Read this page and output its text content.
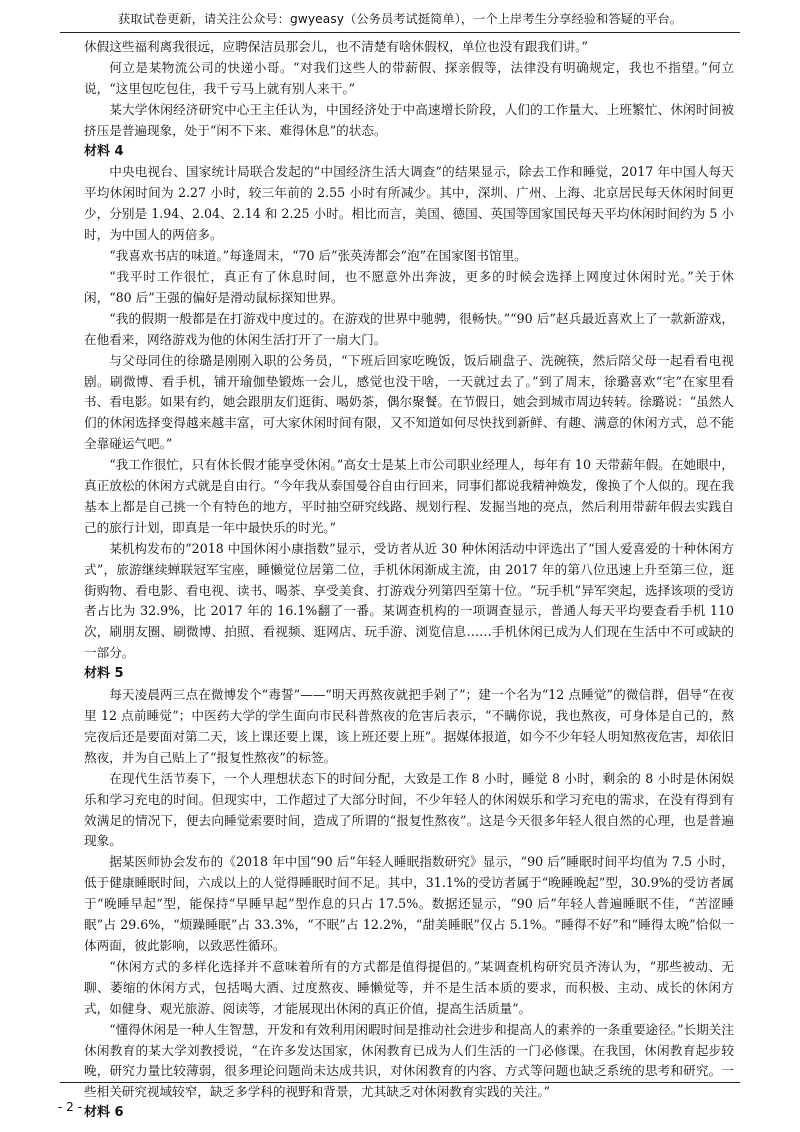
获取试卷更新，请关注公众号：gwyeasy（公务员考试挺简单），一个上岸考生分享经验和答疑的平台。

休假这些福利离我很远，应聘保洁员那会儿，也不清楚有啥休假权，单位也没有跟我们讲。”

何立是某物流公司的快递小哥。“对我们这些人的带薪假、探亲假等，法律没有明确规定，我也不指望。”何立说，“这里包吃包住，我千亏马上就有别人来干。”

某大学休闲经济研究中心王主任认为，中国经济处于中高速增长阶段，人们的工作量大、上班繁忙、休闲时间被挤压是普遍现象，处于“闲不下来、难得休息”的状态。

材料 4

中央电视台、国家统计局联合发起的“中国经济生活大调查”的结果显示，除去工作和睡觉，2017 年中国人每天平均休闲时间为 2.27 小时，较三年前的 2.55 小时有所减少。其中，深圳、广州、上海、北京居民每天休闲时间更少，分别是 1.94、2.04、2.14 和 2.25 小时。相比而言，美国、德国、英国等国家国民每天平均休闲时间约为 5 小时，为中国人的两倍多。

“我喜欢书店的味道。”每逢周末，“70 后”张英涛都会“泡”在国家图书馆里。

“我平时工作很忙，真正有了休息时间，也不愿意外出奔波，更多的时候会选择上网度过休闲时光。”关于休闲，“80 后”王强的偏好是滑动鼠标探知世界。

“我的假期一般都是在打游戏中度过的。在游戏的世界中驰骋，很畅快。”“90 后”赵兵最近喜欢上了一款新游戏，在他看来，网络游戏为他的休闲生活打开了一扇大门。

与父母同住的徐璐是刚刚入职的公务员，“下班后回家吃晚饭，饭后刷盘子、洗碗筷，然后陪父母一起看看电视剧。刷微博、看手机，铺开瑜伽垫锻炼一会儿，感觉也没干啥，一天就过去了。”到了周末，徐璐喜欢“宅”在家里看书、看电影。如果有约，她会跟朋友们逛街、喝奶茶，偶尔聚餐。在节假日，她会到城市周边转转。徐璐说：“虽然人们的休闲选择变得越来越丰富，可大家休闲时间有限，又不知道如何尽快找到新鲜、有趣、满意的休闲方式，总不能全靠碰运气吧。”

“我工作很忙，只有休长假才能享受休闲。”高女士是某上市公司职业经理人，每年有 10 天带薪年假。在她眼中，真正放松的休闲方式就是自由行。“今年我从泰国曼谷自由行回来，同事们都说我精神焕发，像换了个人似的。现在我基本上都是自己挑一个有特色的地方，平时抽空研究线路、规划行程、发掘当地的亮点，然后利用带薪年假去实践自己的旅行计划，即真是一年中最快乐的时光。”

某机构发布的“2018 中国休闲小康指数”显示，受访者从近 30 种休闲活动中评选出了“国人爱喜爱的十种休闲方式”，旅游继续蝉联冠军宝座，睡懒觉位居第二位，手机休闲渐成主流，由 2017 年的第八位迅速上升至第三位，逛街购物、看电影、看电视、读书、喝茶、享受美食、打游戏分列第四至第十位。“玩手机”异军突起，选择该项的受访者占比为 32.9%，比 2017 年的 16.1%翻了一番。某调查机构的一项调查显示，普通人每天平均要查看手机 110 次，刷朋友圈、刷微博、拍照、看视频、逛网店、玩手游、浏览信息……手机休闲已成为人们现在生活中不可或缺的一部分。

材料 5

每天凌晨两三点在微博发个“毒誓”——“明天再熬夜就把手剁了”；建一个名为“12 点睡觉”的微信群，倡导“在夜里 12 点前睡觉”；中医药大学的学生面向市民科普熬夜的危害后表示，“不瞒你说，我也熬夜，可身体是自己的，熬完夜后还是要面对第二天，该上课还要上课，该上班还要上班”。据媒体报道，如今不少年轻人明知熬夜危害，却依旧熬夜，并为自己贴上了“报复性熬夜”的标签。

在现代生活节奏下，一个人理想状态下的时间分配，大致是工作 8 小时，睡觉 8 小时，剩余的 8 小时是休闲娱乐和学习充电的时间。但现实中，工作超过了大部分时间，不少年轻人的休闲娱乐和学习充电的需求，在没有得到有效满足的情况下，便去向睡觉索要时间，造成了所谓的“报复性熬夜”。这是今天很多年轻人很自然的心理，也是普遍现象。

据某医师协会发布的《2018 年中国“90 后”年轻人睡眠指数研究》显示，“90 后”睡眠时间平均值为 7.5 小时，低于健康睡眠时间，六成以上的人觉得睡眠时间不足。其中，31.1%的受访者属于“晚睡晚起”型，30.9%的受访者属于“晚睡早起”型，能保持“早睡早起”型作息的只占 17.5%。数据还显示，“90 后”年轻人普遍睡眠不佳，“苦涩睡眠”占 29.6%，“烦躁睡眠”占 33.3%，“不眠”占 12.2%，“甜美睡眠”仅占 5.1%。“睡得不好”和“睡得太晚”恰似一体两面，彼此影响，以致恶性循环。

“休闲方式的多样化选择并不意味着所有的方式都是值得提倡的。”某调查机构研究员齐涛认为，“那些被动、无聊、萎缩的休闲方式，包括喝大酒、过度熬夜、睡懒觉等，并不是生活本质的要求，而积极、主动、成长的休闲方式，如健身、观光旅游、阅读等，才能展现出休闲的真正价值，提高生活质量”。

“懂得休闲是一种人生智慧，开发和有效利用闲暇时间是推动社会进步和提高人的素养的一条重要途径。”长期关注休闲教育的某大学刘教授说，“在许多发达国家，休闲教育已成为人们生活的一门必修课。在我国，休闲教育起步较晚，研究力量比较薄弱，很多理论问题尚未达成共识，对休闲教育的内容、方式等问题也缺乏系统的思考和研究。一些相关研究视域较窄，缺乏多学科的视野和背景，尤其缺乏对休闲教育实践的关注。”

材料 6
- 2 -
